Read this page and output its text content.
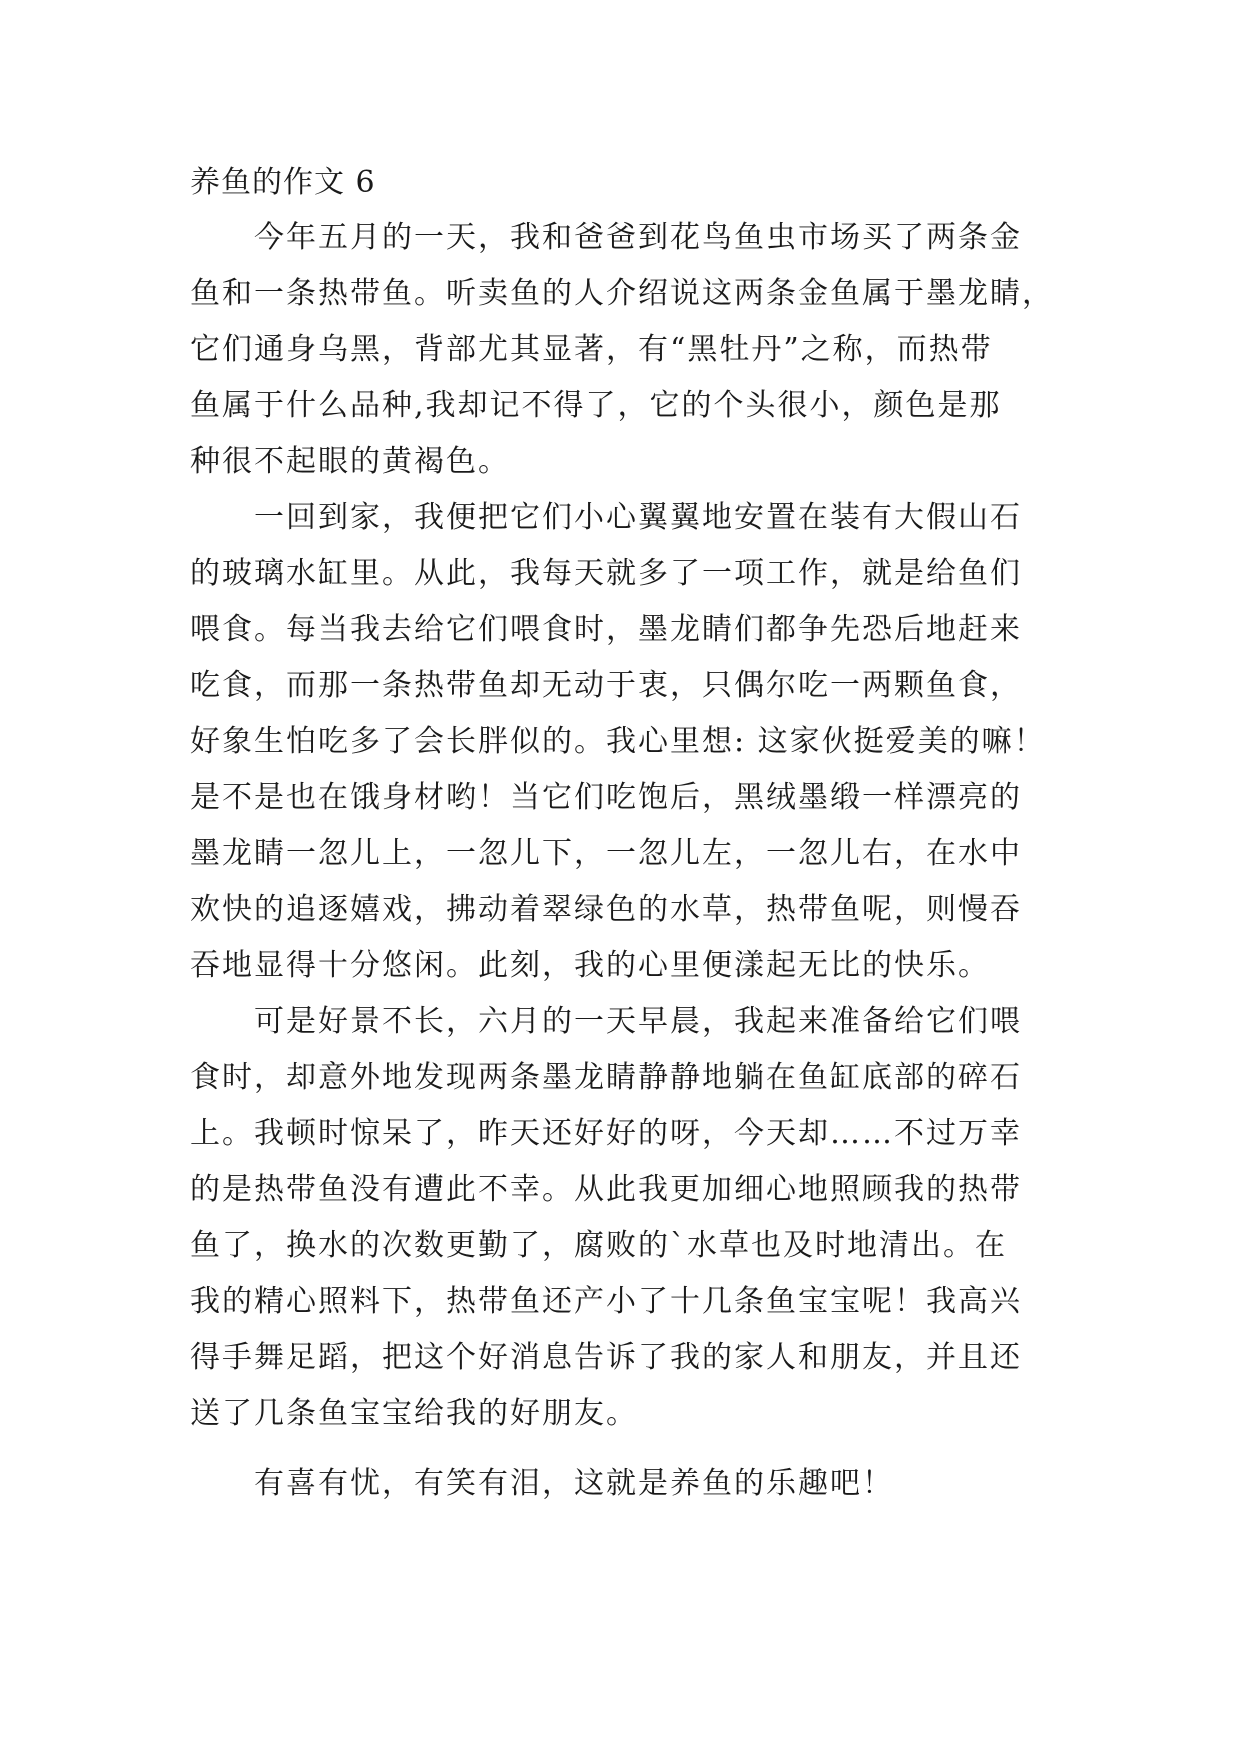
养鱼的作文 6
　　今年五月的一天，我和爸爸到花鸟鱼虫市场买了两条金
鱼和一条热带鱼。听卖鱼的人介绍说这两条金鱼属于墨龙睛，
它们通身乌黑，背部尤其显著，有“黑牡丹”之称，而热带
鱼属于什么品种,我却记不得了，它的个头很小，颜色是那
种很不起眼的黄褐色。
　　一回到家，我便把它们小心翼翼地安置在装有大假山石
的玻璃水缸里。从此，我每天就多了一项工作，就是给鱼们
喂食。每当我去给它们喂食时，墨龙睛们都争先恐后地赶来
吃食，而那一条热带鱼却无动于衷，只偶尔吃一两颗鱼食，
好象生怕吃多了会长胖似的。我心里想: 这家伙挺爱美的嘛！
是不是也在饿身材哟！当它们吃饱后，黑绒墨缎一样漂亮的
墨龙睛一忽儿上，一忽儿下，一忽儿左，一忽儿右，在水中
欢快的追逐嬉戏，拂动着翠绿色的水草，热带鱼呢，则慢吞
吞地显得十分悠闲。此刻，我的心里便漾起无比的快乐。
　　可是好景不长，六月的一天早晨，我起来准备给它们喂
食时，却意外地发现两条墨龙睛静静地躺在鱼缸底部的碎石
上。我顿时惊呆了，昨天还好好的呀，今天却……不过万幸
的是热带鱼没有遭此不幸。从此我更加细心地照顾我的热带
鱼了，换水的次数更勤了，腐败的`水草也及时地清出。在
我的精心照料下，热带鱼还产小了十几条鱼宝宝呢！我高兴
得手舞足蹈，把这个好消息告诉了我的家人和朋友，并且还
送了几条鱼宝宝给我的好朋友。
　　有喜有忧，有笑有泪，这就是养鱼的乐趣吧！
